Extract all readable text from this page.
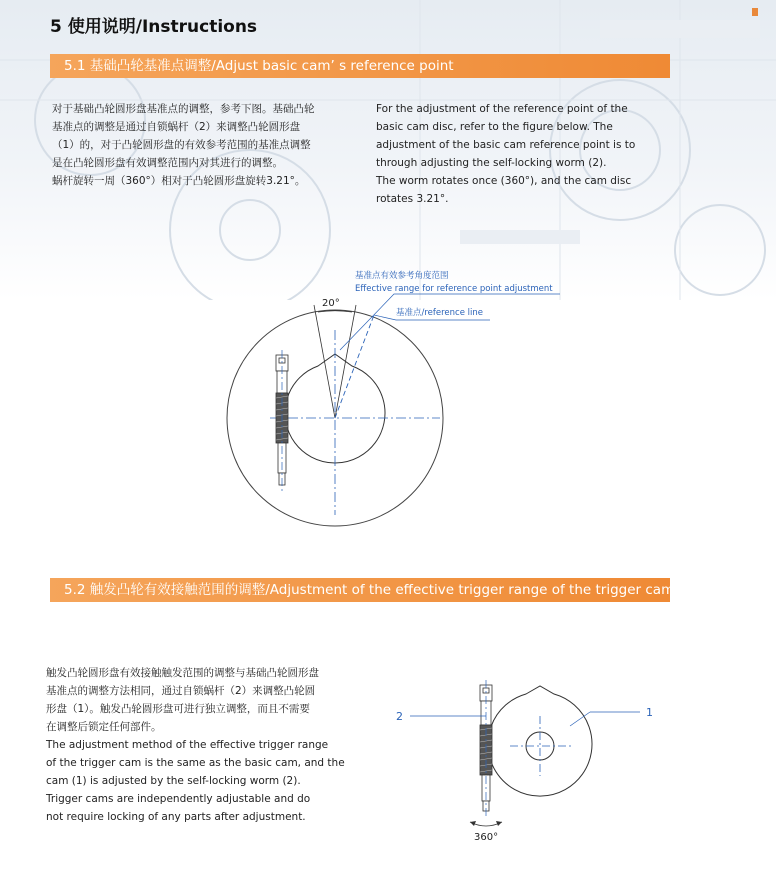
5 使用说明/Instructions
5.1 基础凸轮基准点调整/Adjust basic cam’ s reference point

对于基础凸轮圆形盘基准点的调整，参考下图。基础凸轮

基准点的调整是通过自锁蜗杆（2）来调整凸轮圆形盘

（1）的，对于凸轮圆形盘的有效参考范围的基准点调整

是在凸轮圆形盘有效调整范围内对其进行的调整。

蜗杆旋转一周（360°）相对于凸轮圆形盘旋转3.21°。

For the adjustment of the reference point of the

basic cam disc, refer to the figure below. The

adjustment of the basic cam reference point is to

through adjusting the self-locking worm (2).

The worm rotates once (360°), and the cam disc

rotates 3.21°.

基准点有效参考角度范围
Effective range for reference point adjustment
20°
基准点/reference line
5.2 触发凸轮有效接触范围的调整/Adjustment of the effective trigger range of the trigger cam

触发凸轮圆形盘有效接触触发范围的调整与基础凸轮圆形盘

基准点的调整方法相同，通过自锁蜗杆（2）来调整凸轮圆

形盘（1）。触发凸轮圆形盘可进行独立调整，而且不需要

在调整后锁定任何部件。

The adjustment method of the effective trigger range

of the trigger cam is the same as the basic cam, and the

cam (1) is adjusted by the self-locking worm (2).

Trigger cams are independently adjustable and do

not require locking of any parts after adjustment.

2	1
360°
